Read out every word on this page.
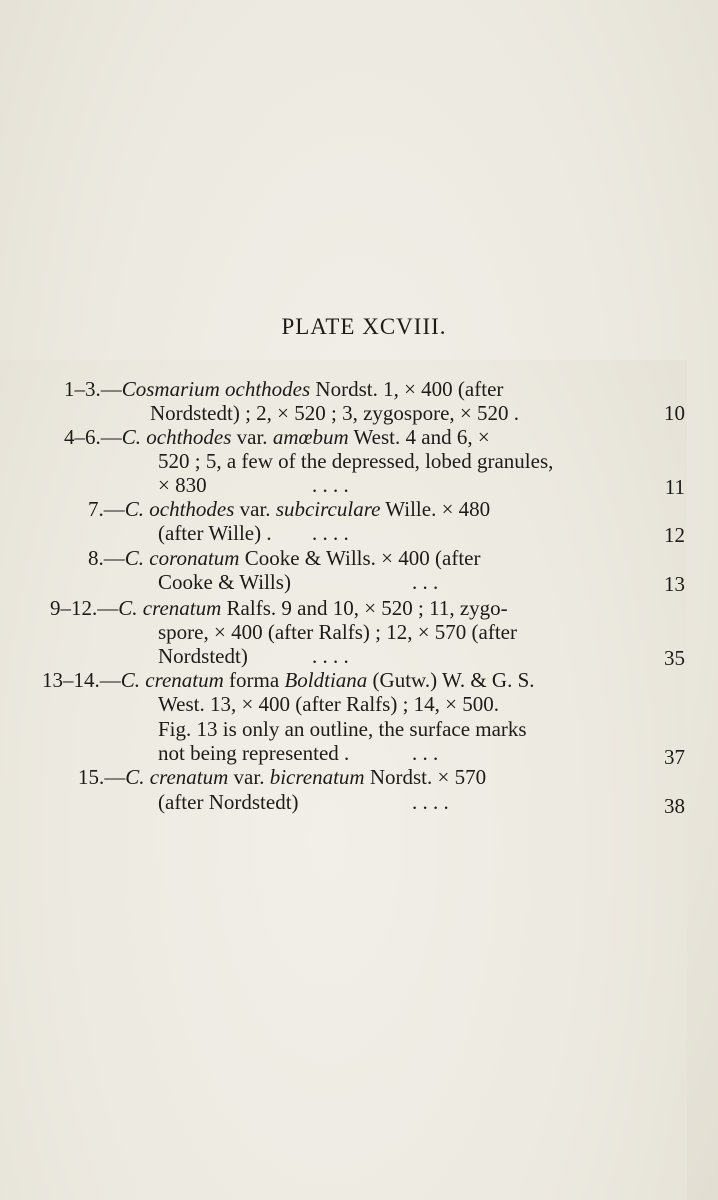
PLATE XCVIII.
1–3.—Cosmarium ochthodes Nordst. 1, × 400 (after
Nordstedt) ; 2, × 520 ; 3, zygospore, × 520 .	10
4–6.—C. ochthodes var. amœbum West. 4 and 6, ×
520 ; 5, a few of the depressed, lobed granules,
× 830	. . . .	11
7.—C. ochthodes var. subcirculare Wille. × 480
(after Wille) . . . . .	12
8.—C. coronatum Cooke & Wills. × 400 (after
Cooke & Wills)	. . .	13
9–12.—C. crenatum Ralfs. 9 and 10, × 520 ; 11, zygo-
spore, × 400 (after Ralfs) ; 12, × 570 (after
Nordstedt)	. . . .	35
13–14.—C. crenatum forma Boldtiana (Gutw.) W. & G. S.
West. 13, × 400 (after Ralfs) ; 14, × 500.
Fig. 13 is only an outline, the surface marks
not being represented .	. . .	37
15.—C. crenatum var. bicrenatum Nordst. × 570
(after Nordstedt)	. . . .	38
